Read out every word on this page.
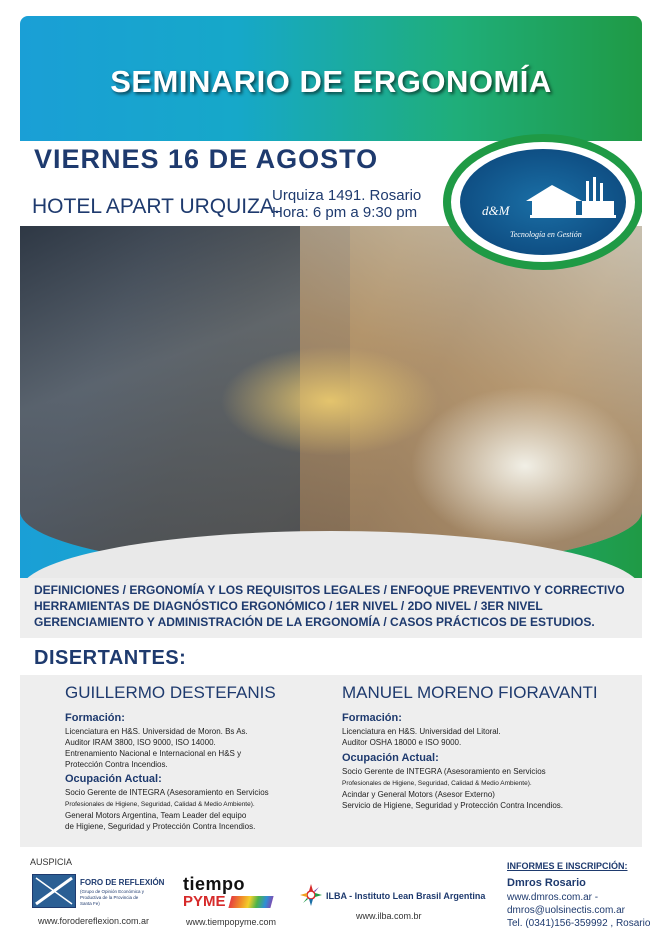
SEMINARIO DE ERGONOMÍA
VIERNES 16 DE AGOSTO
HOTEL APART URQUIZA.
Urquiza 1491. Rosario
Hora: 6 pm a 9:30 pm	d&M
Tecnología en Gestión
DEFINICIONES / ERGONOMÍA Y LOS REQUISITOS LEGALES / ENFOQUE PREVENTIVO Y CORRECTIVO
HERRAMIENTAS DE DIAGNÓSTICO ERGONÓMICO / 1ER NIVEL / 2DO NIVEL / 3ER NIVEL
GERENCIAMIENTO Y ADMINISTRACIÓN DE LA ERGONOMÍA / CASOS PRÁCTICOS DE ESTUDIOS.
DISERTANTES:
GUILLERMO DESTEFANIS
Formación:
Licenciatura en H&S. Universidad de Moron. Bs As.
Auditor IRAM 3800, ISO 9000, ISO 14000.
Entrenamiento Nacional e Internacional en H&S y
Protección Contra Incendios.
Ocupación Actual:
Socio Gerente de INTEGRA (Asesoramiento en Servicios
Profesionales de Higiene, Seguridad, Calidad & Medio Ambiente).
General Motors Argentina, Team Leader del equipo
de Higiene, Seguridad y Protección Contra Incendios.
MANUEL MORENO FIORAVANTI
Formación:
Licenciatura en H&S. Universidad del Litoral.
Auditor OSHA 18000 e ISO 9000.
Ocupación Actual:
Socio Gerente de INTEGRA (Asesoramiento en Servicios
Profesionales de Higiene, Seguridad, Calidad & Medio Ambiente).
Acindar y General Motors (Asesor Externo)
Servicio de Higiene, Seguridad y Protección Contra Incendios.
AUSPICIA
FORO DE REFLEXIÓN
(Grupo de Opinión Económica y Productiva de la Provincia de Santa Fe)
www.forodereflexion.com.ar
tiempo
PYME
www.tiempopyme.com
ILBA - Instituto Lean Brasil Argentina
www.ilba.com.br
INFORMES E INSCRIPCIÓN:
Dmros Rosario
www.dmros.com.ar -
dmros@uolsinectis.com.ar
Tel. (0341)156-359992 , Rosario
